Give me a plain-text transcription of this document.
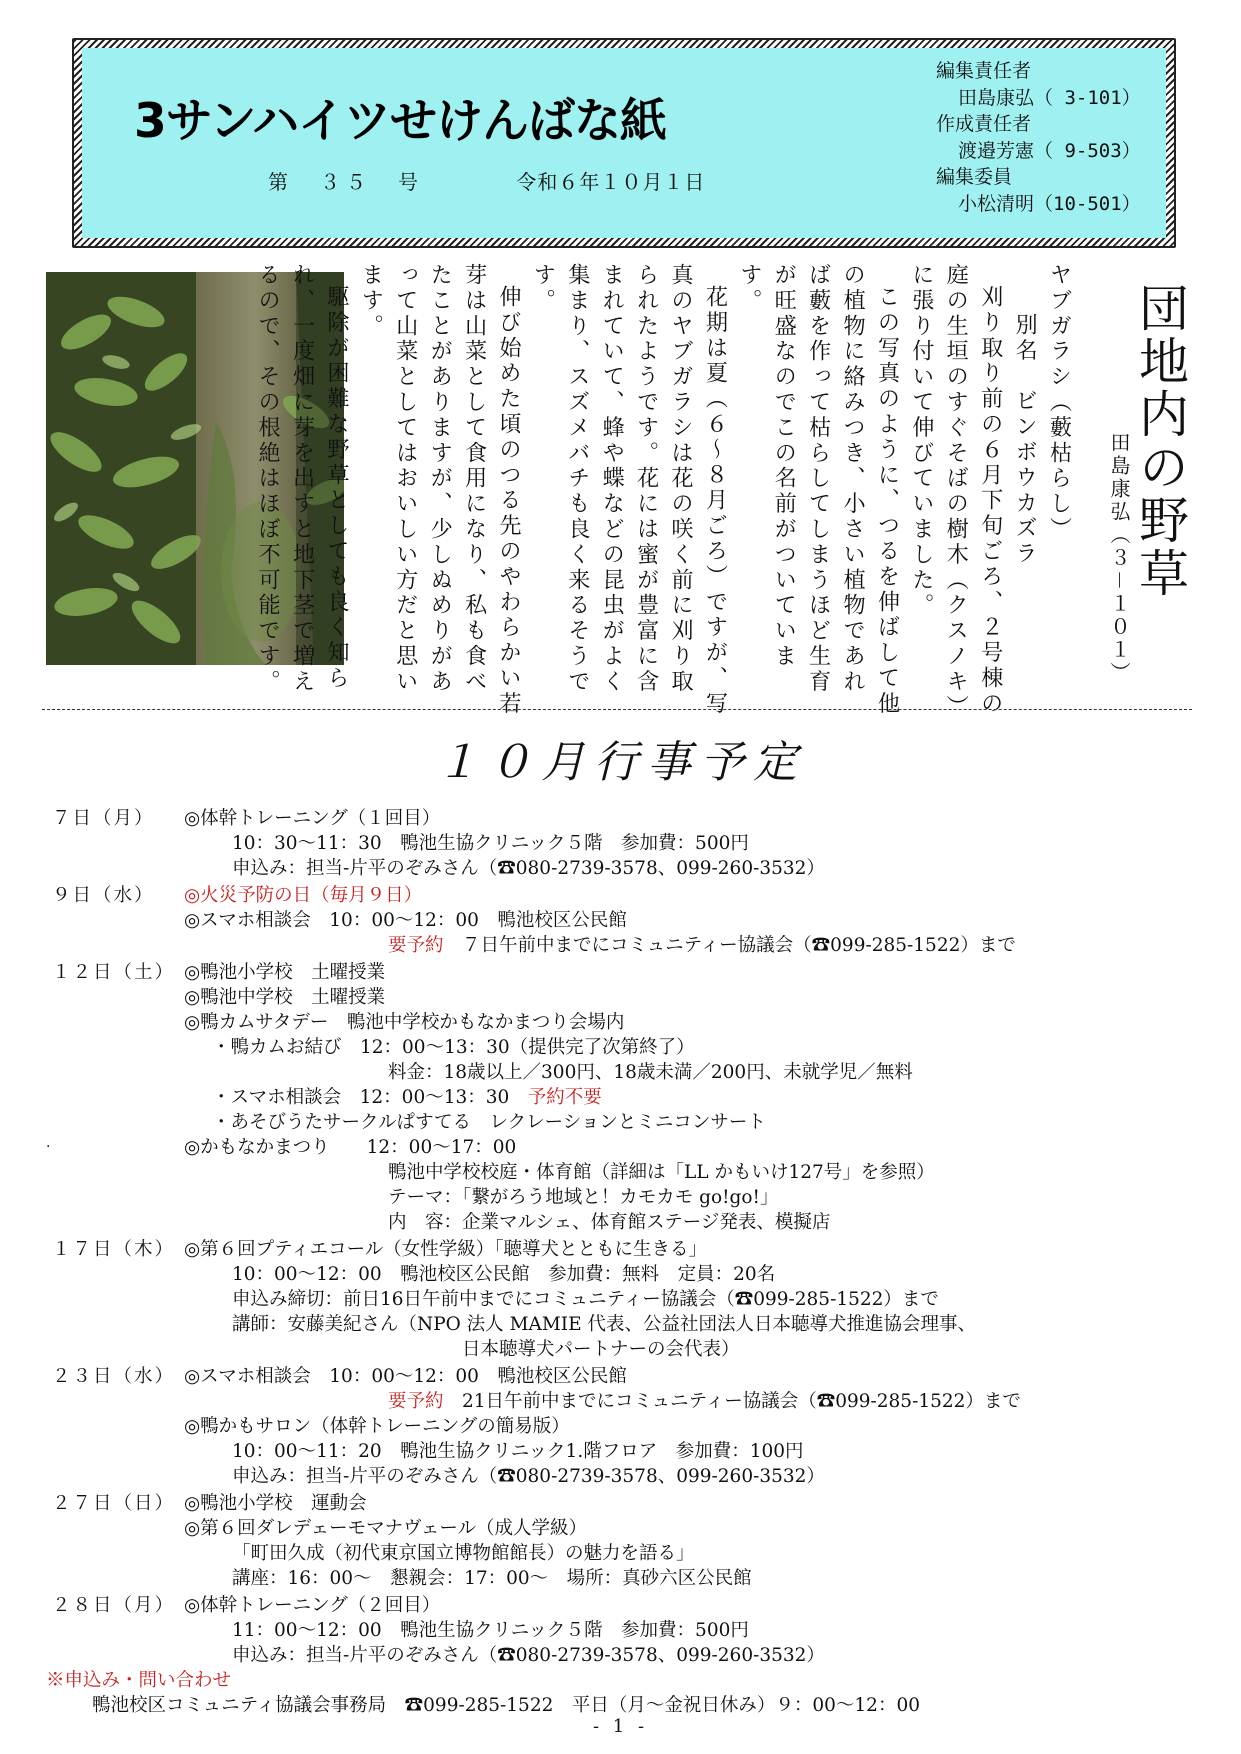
3サンハイツせけんばな紙
第　３５　号	令和６年１０月１日
編集責任者
田島康弘（ 3-101）
作成責任者
渡邉芳憲（ 9-503）
編集委員
小松清明（10-501）
団地内の野草
田島康弘（３－１０１）

ヤブガラシ（藪枯らし）

別名　ビンボウカズラ

刈り取り前の６月下旬ごろ、２号棟の庭の生垣のすぐそばの樹木（クスノキ）に張り付いて伸びていました。

この写真のように、つるを伸ばして他の植物に絡みつき、小さい植物であれば藪を作って枯らしてしまうほど生育が旺盛なのでこの名前がついています。

花期は夏（６～８月ごろ）ですが、写真のヤブガラシは花の咲く前に刈り取られたようです。花には蜜が豊富に含まれていて、蜂や蝶などの昆虫がよく集まり、スズメバチも良く来るそうです。

伸び始めた頃のつる先のやわらかい若芽は山菜として食用になり、私も食べたことがありますが、少しぬめりがあって山菜としてはおいしい方だと思います。

駆除が困難な野草としても良く知られ、一度畑に芽を出すと地下茎で増えるので、その根絶はほぼ不可能です。

１０月行事予定
７日（月） ◎体幹トレーニング（１回目）
10：30～11：30　鴨池生協クリニック５階　参加費：500円
申込み：担当-片平のぞみさん（☎080-2739-3578、099-260-3532）
９日（水） ◎火災予防の日（毎月９日）
◎スマホ相談会　10：00～12：00　鴨池校区公民館
要予約 ７日午前中までにコミュニティー協議会（☎099-285-1522）まで
１２日（土） ◎鴨池小学校　土曜授業
◎鴨池中学校　土曜授業
◎鴨カムサタデー　鴨池中学校かもなかまつり会場内
・鴨カムお結び　12：00～13：30（提供完了次第終了）
料金：18歳以上／300円、18歳未満／200円、未就学児／無料
・スマホ相談会　12：00～13：30　予約不要
・あそびうたサークルぱすてる　レクレーションとミニコンサート
·	◎かもなかまつり　　12：00～17：00
鴨池中学校校庭・体育館（詳細は「LL かもいけ127号」を参照）
テーマ：「繋がろう地域と！カモカモ go!go!」
内　容：企業マルシェ、体育館ステージ発表、模擬店
１７日（木） ◎第６回プティエコール（女性学級）「聴導犬とともに生きる」
10：00～12：00　鴨池校区公民館　参加費：無料　定員：20名
申込み締切：前日16日午前中までにコミュニティー協議会（☎099-285-1522）まで
講師：安藤美紀さん（NPO 法人 MAMIE 代表、公益社団法人日本聴導犬推進協会理事、
日本聴導犬パートナーの会代表）
２３日（水） ◎スマホ相談会　10：00～12：00　鴨池校区公民館
要予約 21日午前中までにコミュニティー協議会（☎099-285-1522）まで
◎鴨かもサロン（体幹トレーニングの簡易版）
10：00～11：20　鴨池生協クリニック1.階フロア　参加費：100円
申込み：担当-片平のぞみさん（☎080-2739-3578、099-260-3532）
２７日（日） ◎鴨池小学校　運動会
◎第６回ダレデェーモマナヴェール（成人学級）
「町田久成（初代東京国立博物館館長）の魅力を語る」
講座：16：00～　懇親会：17：00～　場所：真砂六区公民館
２８日（月） ◎体幹トレーニング（２回目）
11：00～12：00　鴨池生協クリニック５階　参加費：500円
申込み：担当-片平のぞみさん（☎080-2739-3578、099-260-3532）
※申込み・問い合わせ
鴨池校区コミュニティ協議会事務局　☎099-285-1522　平日（月～金祝日休み）９：00～12：00
- 1 -
